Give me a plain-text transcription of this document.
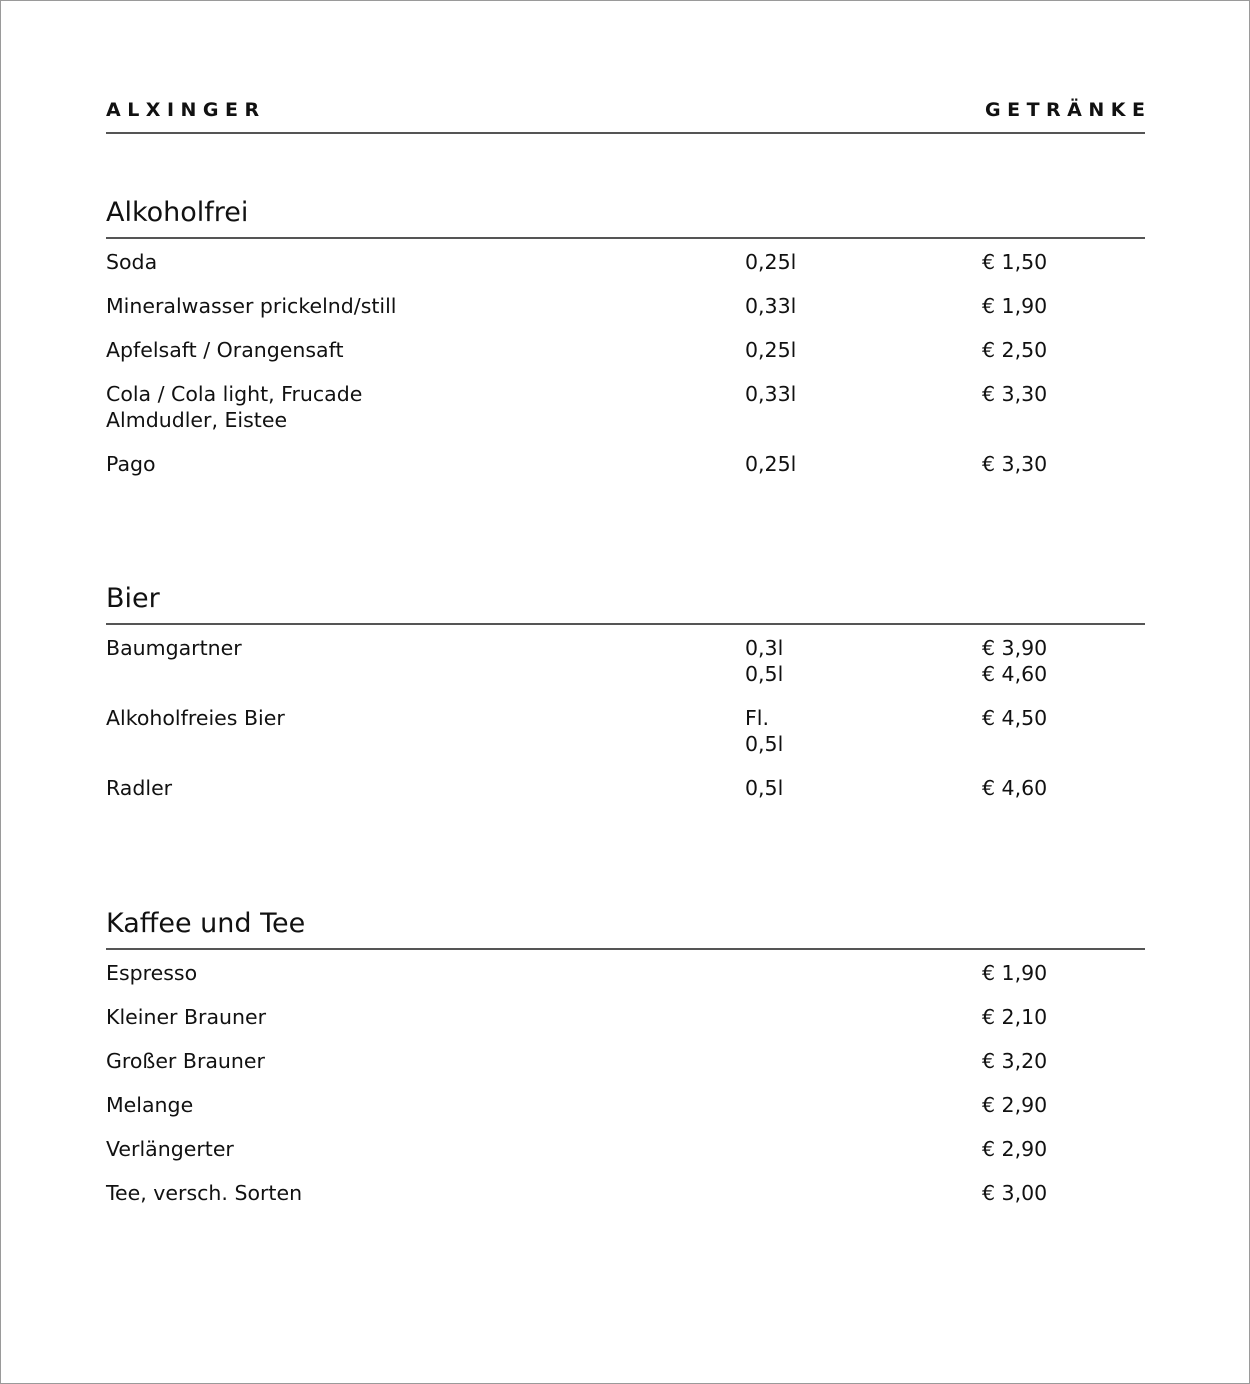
ALXINGER	GETRÄNKE
Alkoholfrei
Soda	0,25l	€ 1,50
Mineralwasser prickelnd/still	0,33l	€ 1,90
Apfelsaft / Orangensaft	0,25l	€ 2,50
Cola / Cola light, Frucade	0,33l	€ 3,30
Almdudler, Eistee
Pago	0,25l	€ 3,30
Bier
Baumgartner	0,3l	€ 3,90
0,5l	€ 4,60
Alkoholfreies Bier	Fl.	€ 4,50
0,5l
Radler	0,5l	€ 4,60
Kaffee und Tee
Espresso	€ 1,90
Kleiner Brauner	€ 2,10
Großer Brauner	€ 3,20
Melange	€ 2,90
Verlängerter	€ 2,90
Tee, versch. Sorten	€ 3,00
